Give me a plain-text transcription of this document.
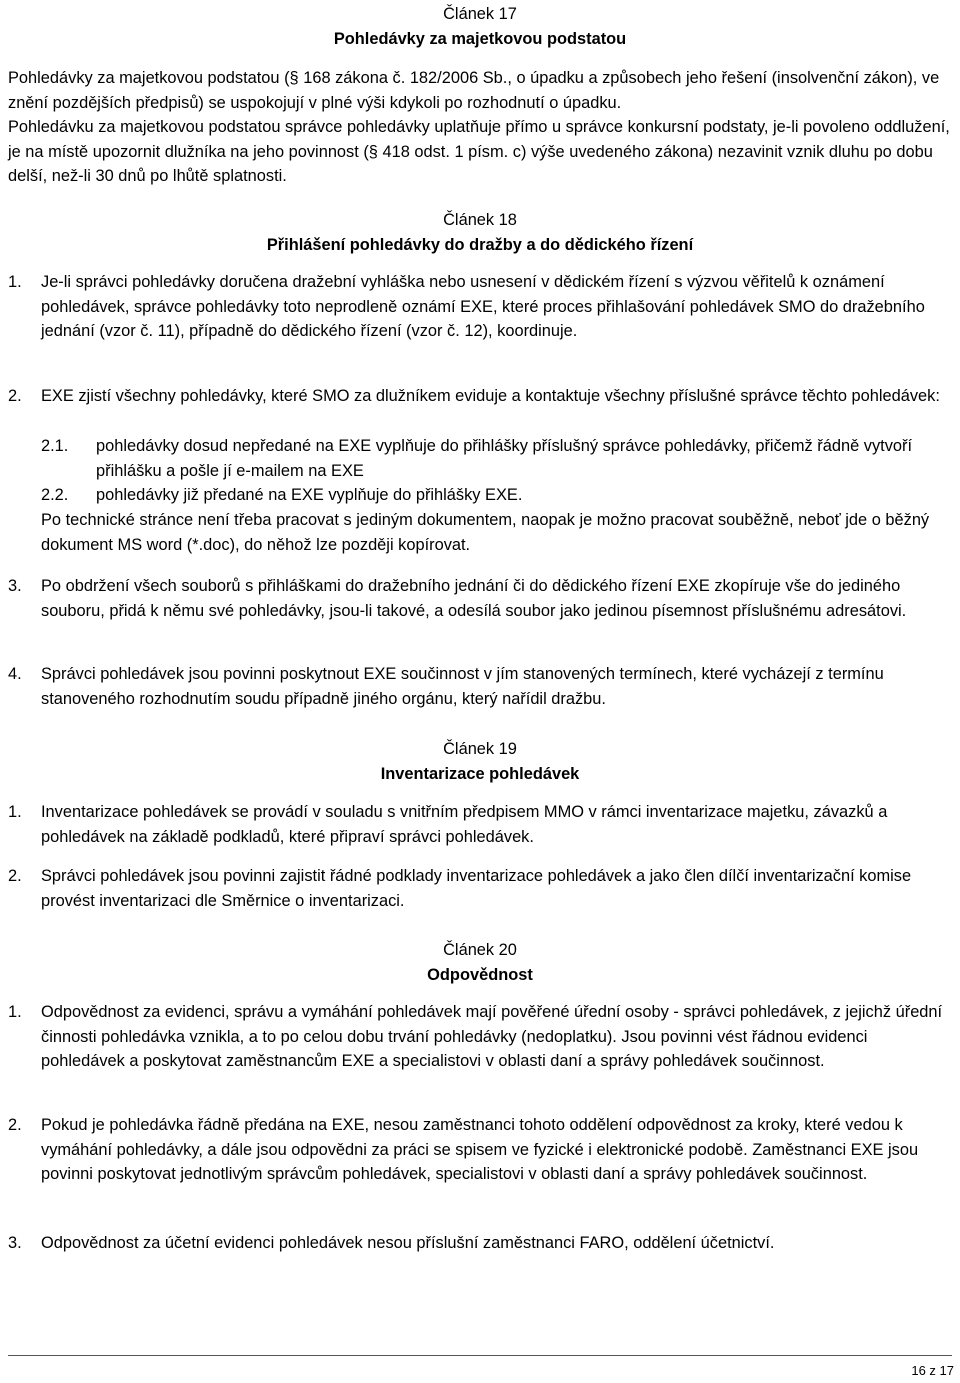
Článek 17

Pohledávky za majetkovou podstatou

Pohledávky za majetkovou podstatou (§ 168 zákona č. 182/2006 Sb., o úpadku a způsobech jeho řešení (insolvenční zákon), ve znění pozdějších předpisů) se uspokojují v plné výši kdykoli po rozhodnutí o úpadku.

Pohledávku za majetkovou podstatou správce pohledávky uplatňuje přímo u správce konkursní podstaty, je-li povoleno oddlužení, je na místě upozornit dlužníka na jeho povinnost (§ 418 odst. 1 písm. c) výše uvedeného zákona) nezavinit vznik dluhu po dobu delší, než-li 30 dnů po lhůtě splatnosti.

Článek 18

Přihlášení pohledávky do dražby a do dědického řízení

1. Je-li správci pohledávky doručena dražební vyhláška nebo usnesení v dědickém řízení s výzvou věřitelů k oznámení pohledávek, správce pohledávky toto neprodleně oznámí EXE, které proces přihlašování pohledávek SMO do dražebního jednání (vzor č. 11), případně do dědického řízení (vzor č. 12), koordinuje.

2. EXE zjistí všechny pohledávky, které SMO za dlužníkem eviduje a kontaktuje všechny příslušné správce těchto pohledávek:

2.1. pohledávky dosud nepředané na EXE vyplňuje do přihlášky příslušný správce pohledávky, přičemž řádně vytvoří přihlášku a pošle jí e-mailem na EXE

2.2. pohledávky již předané na EXE vyplňuje do přihlášky EXE.

Po technické stránce není třeba pracovat s jediným dokumentem, naopak je možno pracovat souběžně, neboť jde o běžný dokument MS word (*.doc), do něhož lze později kopírovat.

3. Po obdržení všech souborů s přihláškami do dražebního jednání či do dědického řízení EXE zkopíruje vše do jediného souboru, přidá k němu své pohledávky, jsou-li takové, a odesílá soubor jako jedinou písemnost příslušnému adresátovi.

4. Správci pohledávek jsou povinni poskytnout EXE součinnost v jím stanovených termínech, které vycházejí z termínu stanoveného rozhodnutím soudu případně jiného orgánu, který nařídil dražbu.

Článek 19

Inventarizace pohledávek

1. Inventarizace pohledávek se provádí v souladu s vnitřním předpisem MMO v rámci inventarizace majetku, závazků a pohledávek na základě podkladů, které připraví správci pohledávek.

2. Správci pohledávek jsou povinni zajistit řádné podklady inventarizace pohledávek a jako člen dílčí inventarizační komise provést inventarizaci dle Směrnice o inventarizaci.

Článek 20

Odpovědnost

1. Odpovědnost za evidenci, správu a vymáhání pohledávek mají pověřené úřední osoby - správci pohledávek, z jejichž úřední činnosti pohledávka vznikla, a to po celou dobu trvání pohledávky (nedoplatku). Jsou povinni vést řádnou evidenci pohledávek a poskytovat zaměstnancům EXE a specialistovi v oblasti daní a správy pohledávek součinnost.

2. Pokud je pohledávka řádně předána na EXE, nesou zaměstnanci tohoto oddělení odpovědnost za kroky, které vedou k vymáhání pohledávky, a dále jsou odpovědni za práci se spisem ve fyzické i elektronické podobě. Zaměstnanci EXE jsou povinni poskytovat jednotlivým správcům pohledávek, specialistovi v oblasti daní a správy pohledávek součinnost.

3. Odpovědnost za účetní evidenci pohledávek nesou příslušní zaměstnanci FARO, oddělení účetnictví.

16 z 17
